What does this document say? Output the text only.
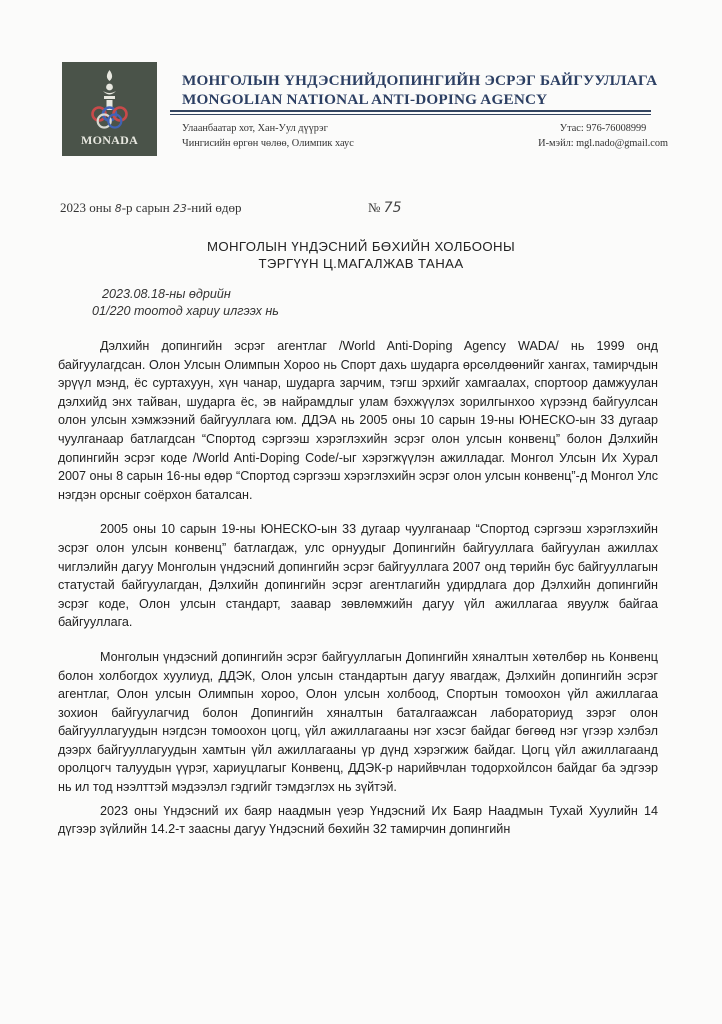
MONADA
МОНГОЛЫН ҮНДЭСНИЙДОПИНГИЙН ЭСРЭГ БАЙГУУЛЛАГА
MONGOLIAN NATIONAL ANTI-DOPING AGENCY
Улаанбаатар хот, Хан-Уул дүүрэг
Чингисийн өргөн чөлөө, Олимпик хаус
Утас: 976-76008999
И-мэйл: mgl.nado@gmail.com
2023 оны 8-р сарын 23-ний өдөр	№ 75
МОНГОЛЫН ҮНДЭСНИЙ БӨХИЙН ХОЛБООНЫ
ТЭРГҮҮН Ц.МАГАЛЖАВ ТАНАА
2023.08.18-ны өдрийн
01/220 тоотод хариу илгээх нь

Дэлхийн допингийн эсрэг агентлаг /World Anti-Doping Agency WADA/ нь 1999 онд байгуулагдсан. Олон Улсын Олимпын Хороо нь Спорт дахь шударга өрсөлдөөнийг хангах, тамирчдын эрүүл мэнд, ёс суртахуун, хүн чанар, шударга зарчим, тэгш эрхийг хамгаалах, спортоор дамжуулан дэлхийд энх тайван, шударга ёс, эв найрамдлыг улам бэхжүүлэх зорилгынхоо хүрээнд байгуулсан олон улсын хэмжээний байгууллага юм. ДДЭА нь 2005 оны 10 сарын 19-ны ЮНЕСКО-ын 33 дугаар чуулганаар батлагдсан “Спортод сэргээш хэрэглэхийн эсрэг олон улсын конвенц” болон Дэлхийн допингийн эсрэг коде /World Anti-Doping Code/-ыг хэрэгжүүлэн ажилладаг. Монгол Улсын Их Хурал 2007 оны 8 сарын 16-ны өдөр “Спортод сэргээш хэрэглэхийн эсрэг олон улсын конвенц”-д Монгол Улс нэгдэн орсныг соёрхон баталсан.

2005 оны 10 сарын 19-ны ЮНЕСКО-ын 33 дугаар чуулганаар “Спортод сэргээш хэрэглэхийн эсрэг олон улсын конвенц” батлагдаж, улс орнуудыг Допингийн байгууллага байгуулан ажиллах чиглэлийн дагуу Монголын үндэсний допингийн эсрэг байгууллага 2007 онд төрийн бус байгууллагын статустай байгуулагдан, Дэлхийн допингийн эсрэг агентлагийн удирдлага дор Дэлхийн допингийн эсрэг коде, Олон улсын стандарт, заавар зөвлөмжийн дагуу үйл ажиллагаа явуулж байгаа байгууллага.

Монголын үндэсний допингийн эсрэг байгууллагын Допингийн хяналтын хөтөлбөр нь Конвенц болон холбогдох хуулиуд, ДДЭК, Олон улсын стандартын дагуу явагдаж, Дэлхийн допингийн эсрэг агентлаг, Олон улсын Олимпын хороо, Олон улсын холбоод, Спортын томоохон үйл ажиллагаа зохион байгуулагчид болон Допингийн хяналтын баталгаажсан лабораториуд зэрэг олон байгууллагуудын нэгдсэн томоохон цогц, үйл ажиллагааны нэг хэсэг байдаг бөгөөд нэг үгээр хэлбэл дээрх байгууллагуудын хамтын үйл ажиллагааны үр дүнд хэрэгжиж байдаг. Цогц үйл ажиллагаанд оролцогч талуудын үүрэг, хариуцлагыг Конвенц, ДДЭК-р нарийвчлан тодорхойлсон байдаг ба эдгээр нь ил тод нээлттэй мэдээлэл гэдгийг тэмдэглэх нь зүйтэй.

2023 оны Үндэсний их баяр наадмын үеэр Үндэсний Их Баяр Наадмын Тухай Хуулийн 14 дүгээр зүйлийн 14.2-т заасны дагуу Үндэсний бөхийн 32 тамирчин допингийн
